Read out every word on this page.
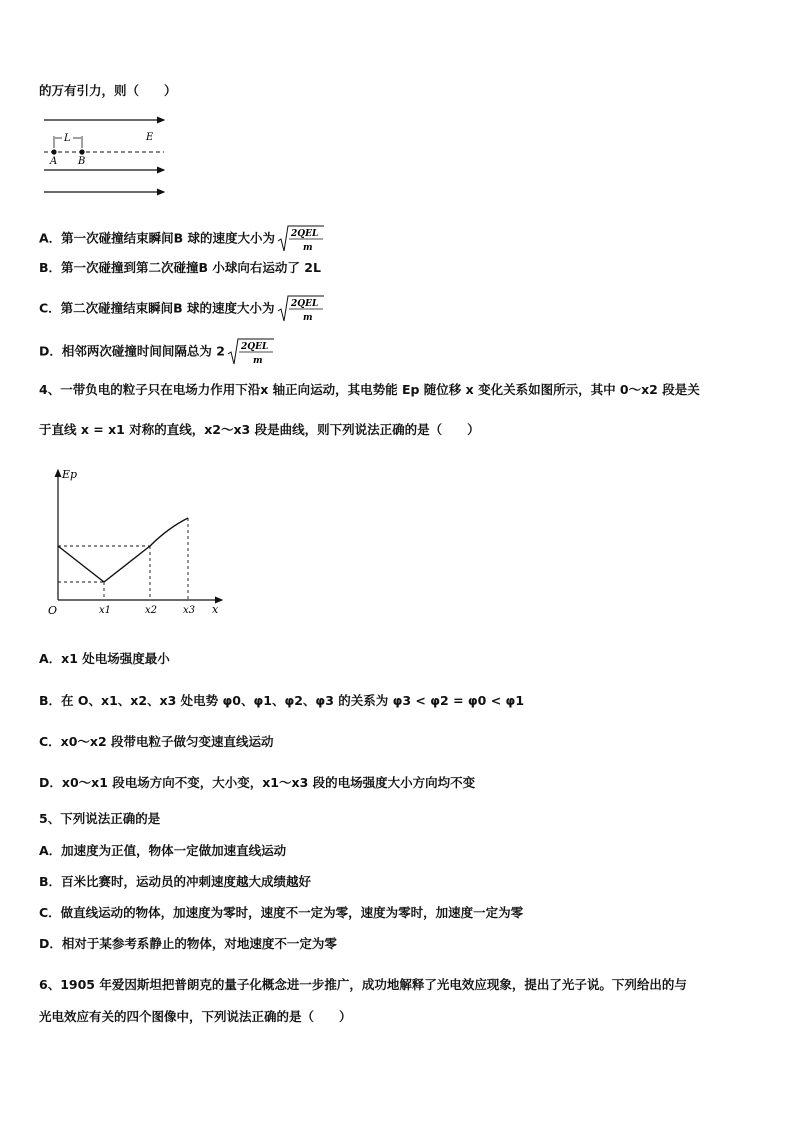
的万有引力，则（　　）
L	E
A B
A．第一次碰撞结束瞬间B 球的速度大小为 2QEL
m
B．第一次碰撞到第二次碰撞B 小球向右运动了 2L
C．第二次碰撞结束瞬间B 球的速度大小为 2QEL
m
D．相邻两次碰撞时间间隔总为 2 2QEL
m
4、一带负电的粒子只在电场力作用下沿x 轴正向运动，其电势能 Ep 随位移 x 变化关系如图所示，其中 0～x2 段是关
于直线 x = x1 对称的直线，x2～x3 段是曲线，则下列说法正确的是（　　）
Ep
O	x1	x2	x3 x
A．x1 处电场强度最小
B．在 O、x1、x2、x3 处电势 φ0、φ1、φ2、φ3 的关系为 φ3 < φ2 = φ0 < φ1
C．x0～x2 段带电粒子做匀变速直线运动
D．x0～x1 段电场方向不变，大小变，x1～x3 段的电场强度大小方向均不变
5、下列说法正确的是
A．加速度为正值，物体一定做加速直线运动
B．百米比赛时，运动员的冲刺速度越大成绩越好
C．做直线运动的物体，加速度为零时，速度不一定为零，速度为零时，加速度一定为零
D．相对于某参考系静止的物体，对地速度不一定为零
6、1905 年爱因斯坦把普朗克的量子化概念进一步推广，成功地解释了光电效应现象，提出了光子说。下列给出的与
光电效应有关的四个图像中，下列说法正确的是（　　）
